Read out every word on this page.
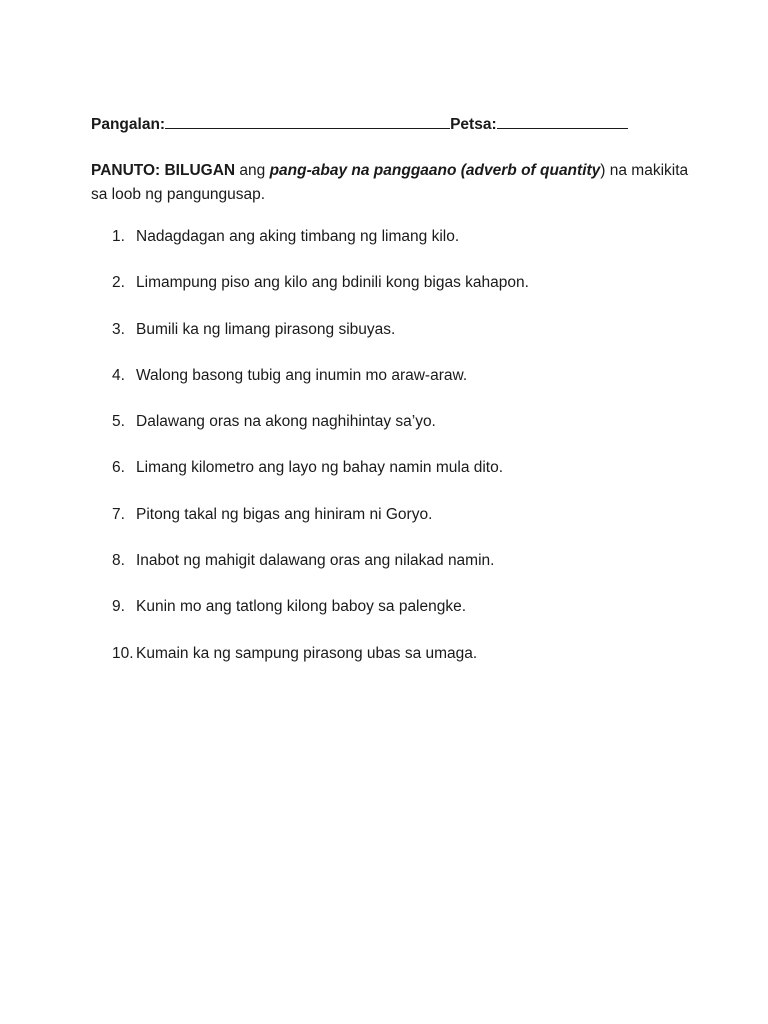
Pangalan:	Petsa:
PANUTO: BILUGAN ang pang-abay na panggaano (adverb of quantity) na makikita sa loob ng pangungusap.
1. Nadagdagan ang aking timbang ng limang kilo.
2. Limampung piso ang kilo ang bdinili kong bigas kahapon.
3. Bumili ka ng limang pirasong sibuyas.
4. Walong basong tubig ang inumin mo araw-araw.
5. Dalawang oras na akong naghihintay sa’yo.
6. Limang kilometro ang layo ng bahay namin mula dito.
7. Pitong takal ng bigas ang hiniram ni Goryo.
8. Inabot ng mahigit dalawang oras ang nilakad namin.
9. Kunin mo ang tatlong kilong baboy sa palengke.
10. Kumain ka ng sampung pirasong ubas sa umaga.
